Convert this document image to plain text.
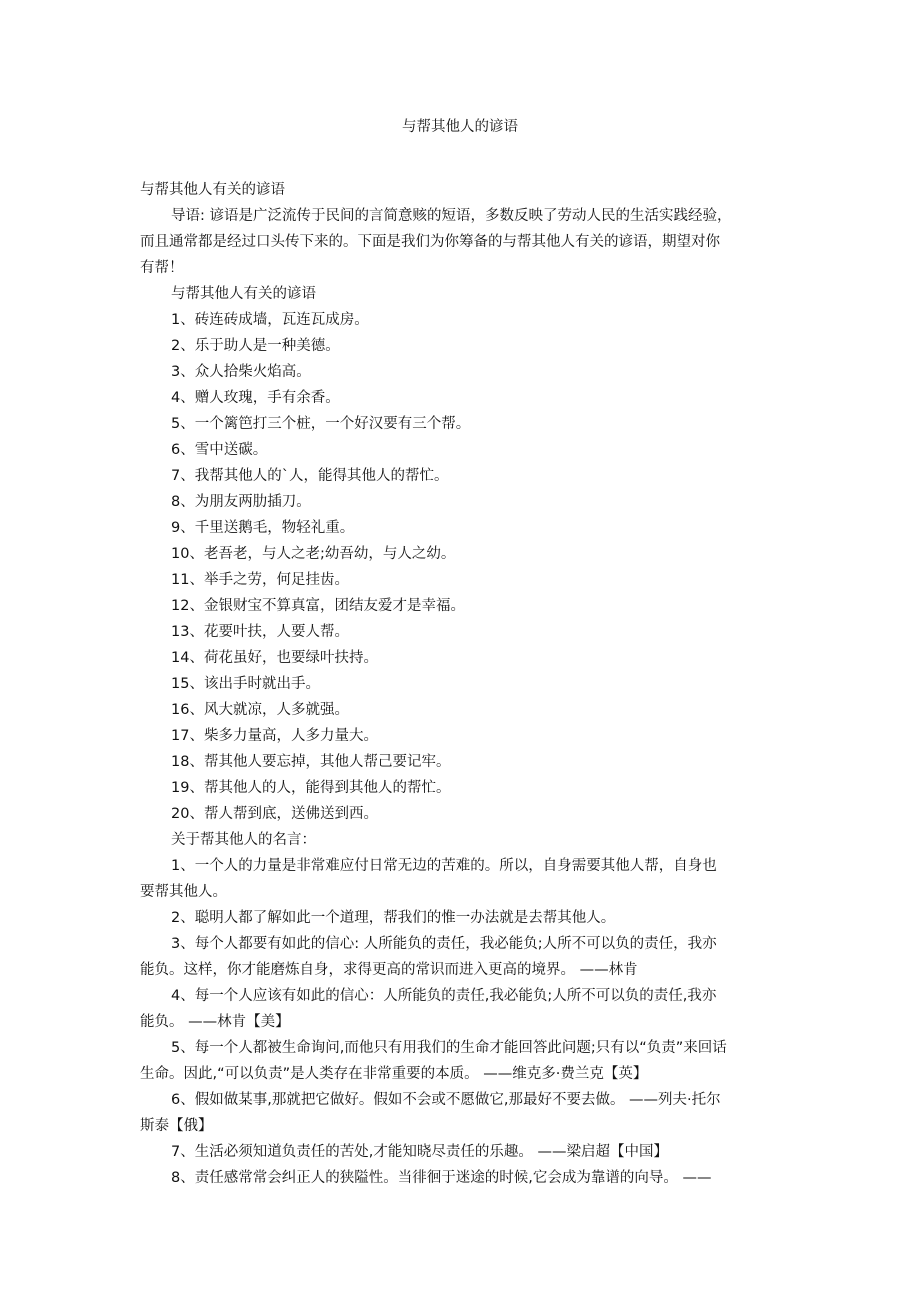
与帮其他人的谚语
与帮其他人有关的谚语
导语: 谚语是广泛流传于民间的言简意赅的短语，多数反映了劳动人民的生活实践经验，
而且通常都是经过口头传下来的。下面是我们为你筹备的与帮其他人有关的谚语，期望对你
有帮！
与帮其他人有关的谚语
1、砖连砖成墙，瓦连瓦成房。
2、乐于助人是一种美德。
3、众人拾柴火焰高。
4、赠人玫瑰，手有余香。
5、一个篱笆打三个桩，一个好汉要有三个帮。
6、雪中送碳。
7、我帮其他人的`人，能得其他人的帮忙。
8、为朋友两肋插刀。
9、千里送鹅毛，物轻礼重。
10、老吾老，与人之老;幼吾幼，与人之幼。
11、举手之劳，何足挂齿。
12、金银财宝不算真富，团结友爱才是幸福。
13、花要叶扶，人要人帮。
14、荷花虽好，也要绿叶扶持。
15、该出手时就出手。
16、风大就凉，人多就强。
17、柴多力量高，人多力量大。
18、帮其他人要忘掉，其他人帮己要记牢。
19、帮其他人的人，能得到其他人的帮忙。
20、帮人帮到底，送佛送到西。
关于帮其他人的名言：
1、一个人的力量是非常难应付日常无边的苦难的。所以，自身需要其他人帮，自身也
要帮其他人。
2、聪明人都了解如此一个道理，帮我们的惟一办法就是去帮其他人。
3、每个人都要有如此的信心: 人所能负的责任，我必能负;人所不可以负的责任，我亦
能负。这样，你才能磨炼自身，求得更高的常识而进入更高的境界。 ——林肯
4、每一个人应该有如此的信心：人所能负的责任,我必能负;人所不可以负的责任,我亦
能负。 ——林肯【美】
5、每一个人都被生命询问,而他只有用我们的生命才能回答此问题;只有以“负责”来回话
生命。因此,“可以负责”是人类存在非常重要的本质。 ——维克多·费兰克【英】
6、假如做某事,那就把它做好。假如不会或不愿做它,那最好不要去做。 ——列夫·托尔
斯泰【俄】
7、生活必须知道负责任的苦处,才能知晓尽责任的乐趣。 ——梁启超【中国】
8、责任感常常会纠正人的狭隘性。当徘徊于迷途的时候,它会成为靠谱的向导。 ——
